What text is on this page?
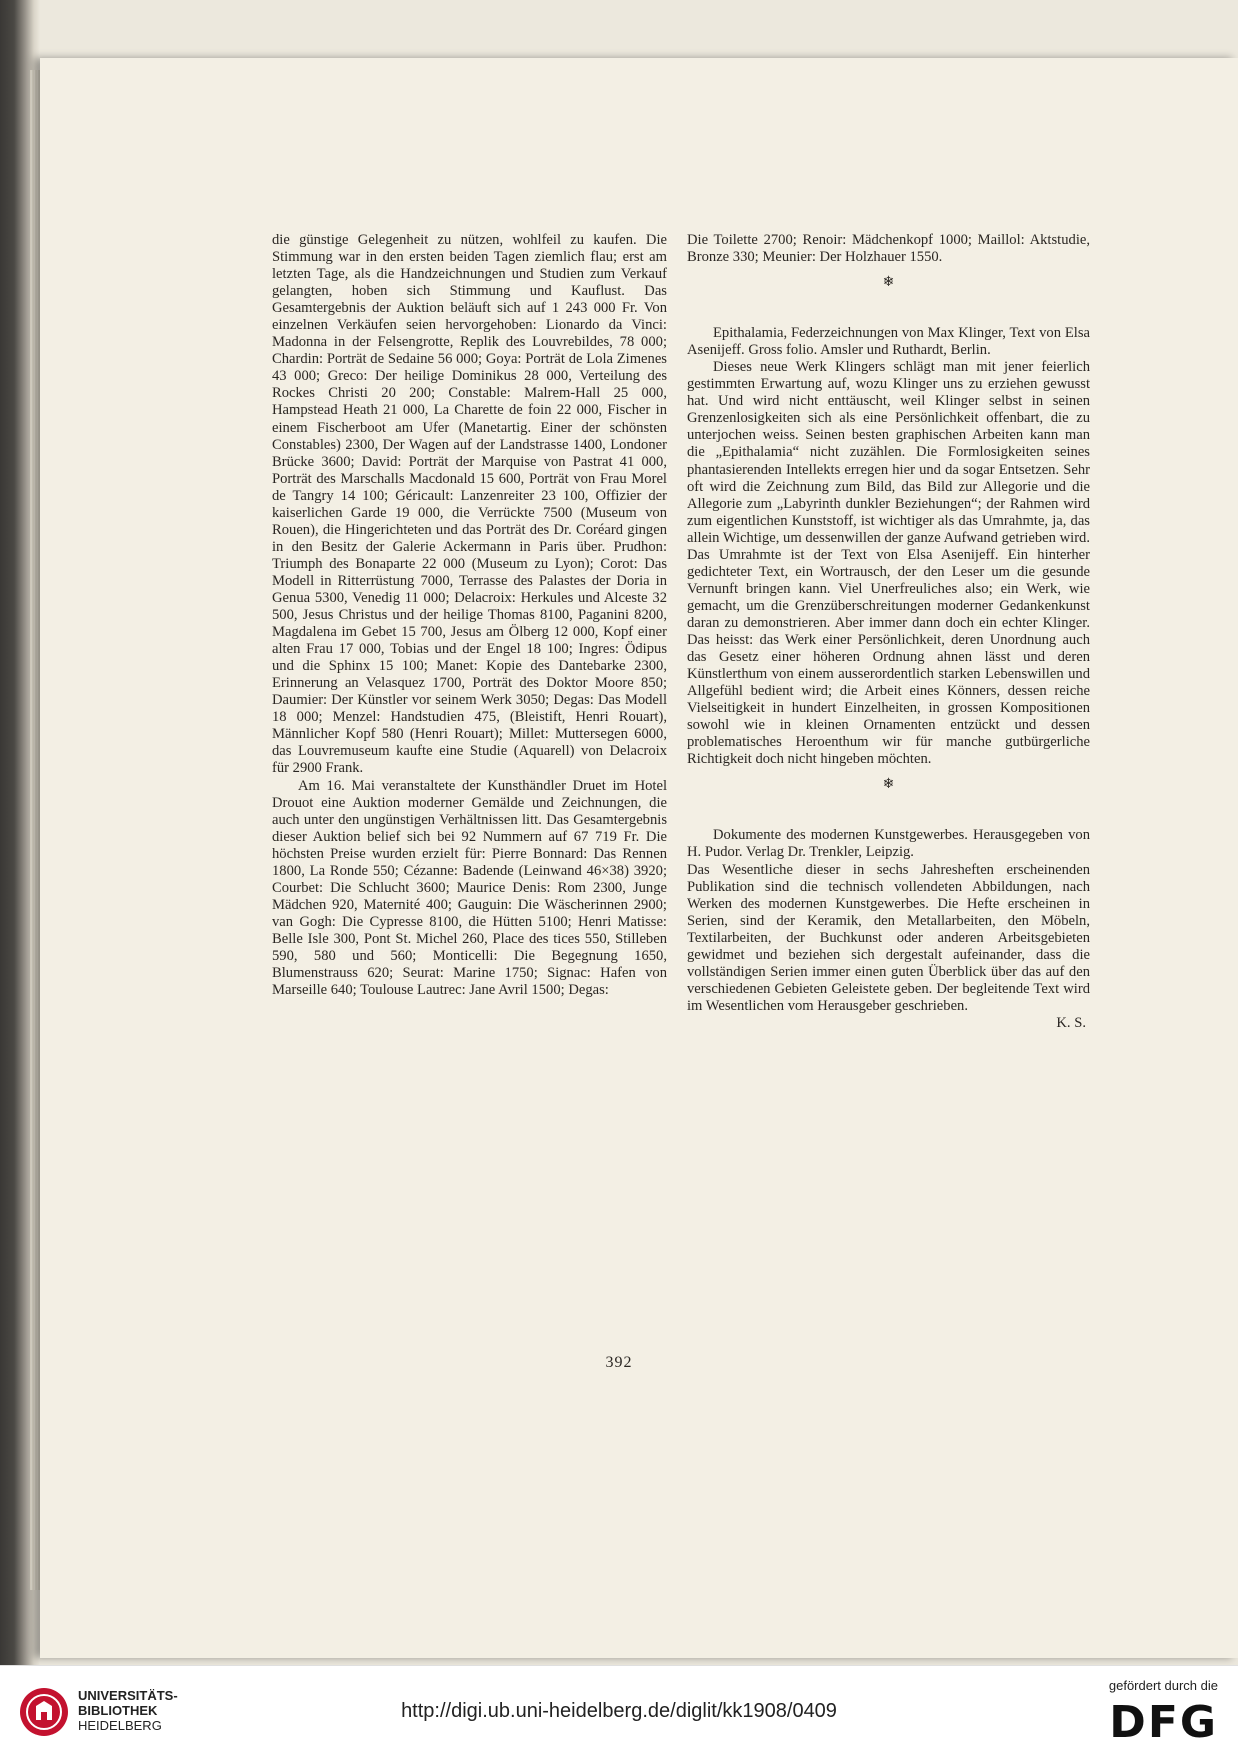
die günstige Gelegenheit zu nützen, wohlfeil zu kaufen. Die Stimmung war in den ersten beiden Tagen ziemlich flau; erst am letzten Tage, als die Handzeichnungen und Studien zum Verkauf gelangten, hoben sich Stimmung und Kauflust. Das Gesamtergebnis der Auktion beläuft sich auf 1 243 000 Fr. Von einzelnen Verkäufen seien hervorgehoben: Lionardo da Vinci: Madonna in der Felsengrotte, Replik des Louvrebildes, 78 000; Chardin: Porträt de Sedaine 56 000; Goya: Porträt de Lola Zimenes 43 000; Greco: Der heilige Dominikus 28 000, Verteilung des Rockes Christi 20 200; Constable: Malrem-Hall 25 000, Hampstead Heath 21 000, La Charette de foin 22 000, Fischer in einem Fischerboot am Ufer (Manetartig. Einer der schönsten Constables) 2300, Der Wagen auf der Landstrasse 1400, Londoner Brücke 3600; David: Porträt der Marquise von Pastrat 41 000, Porträt des Marschalls Macdonald 15 600, Porträt von Frau Morel de Tangry 14 100; Géricault: Lanzenreiter 23 100, Offizier der kaiserlichen Garde 19 000, die Verrückte 7500 (Museum von Rouen), die Hingerichteten und das Porträt des Dr. Coréard gingen in den Besitz der Galerie Ackermann in Paris über. Prudhon: Triumph des Bonaparte 22 000 (Museum zu Lyon); Corot: Das Modell in Ritterrüstung 7000, Terrasse des Palastes der Doria in Genua 5300, Venedig 11 000; Delacroix: Herkules und Alceste 32 500, Jesus Christus und der heilige Thomas 8100, Paganini 8200, Magdalena im Gebet 15 700, Jesus am Ölberg 12 000, Kopf einer alten Frau 17 000, Tobias und der Engel 18 100; Ingres: Ödipus und die Sphinx 15 100; Manet: Kopie des Dantebarke 2300, Erinnerung an Velasquez 1700, Porträt des Doktor Moore 850; Daumier: Der Künstler vor seinem Werk 3050; Degas: Das Modell 18 000; Menzel: Handstudien 475, (Bleistift, Henri Rouart), Männlicher Kopf 580 (Henri Rouart); Millet: Muttersegen 6000, das Louvremuseum kaufte eine Studie (Aquarell) von Delacroix für 2900 Frank.

Am 16. Mai veranstaltete der Kunsthändler Druet im Hotel Drouot eine Auktion moderner Gemälde und Zeichnungen, die auch unter den ungünstigen Verhältnissen litt. Das Gesamtergebnis dieser Auktion belief sich bei 92 Nummern auf 67 719 Fr. Die höchsten Preise wurden erzielt für: Pierre Bonnard: Das Rennen 1800, La Ronde 550; Cézanne: Badende (Leinwand 46×38) 3920; Courbet: Die Schlucht 3600; Maurice Denis: Rom 2300, Junge Mädchen 920, Maternité 400; Gauguin: Die Wäscherinnen 2900; van Gogh: Die Cypresse 8100, die Hütten 5100; Henri Matisse: Belle Isle 300, Pont St. Michel 260, Place des tices 550, Stilleben 590, 580 und 560; Monticelli: Die Begegnung 1650, Blumenstrauss 620; Seurat: Marine 1750; Signac: Hafen von Marseille 640; Toulouse Lautrec: Jane Avril 1500; Degas:

Die Toilette 2700; Renoir: Mädchenkopf 1000; Maillol: Aktstudie, Bronze 330; Meunier: Der Holzhauer 1550.

❄

Epithalamia, Federzeichnungen von Max Klinger, Text von Elsa Asenijeff. Gross folio. Amsler und Ruthardt, Berlin.

Dieses neue Werk Klingers schlägt man mit jener feierlich gestimmten Erwartung auf, wozu Klinger uns zu erziehen gewusst hat. Und wird nicht enttäuscht, weil Klinger selbst in seinen Grenzenlosigkeiten sich als eine Persönlichkeit offenbart, die zu unterjochen weiss. Seinen besten graphischen Arbeiten kann man die „Epithalamia“ nicht zuzählen. Die Formlosigkeiten seines phantasierenden Intellekts erregen hier und da sogar Entsetzen. Sehr oft wird die Zeichnung zum Bild, das Bild zur Allegorie und die Allegorie zum „Labyrinth dunkler Beziehungen“; der Rahmen wird zum eigentlichen Kunststoff, ist wichtiger als das Umrahmte, ja, das allein Wichtige, um dessenwillen der ganze Aufwand getrieben wird. Das Umrahmte ist der Text von Elsa Asenijeff. Ein hinterher gedichteter Text, ein Wortrausch, der den Leser um die gesunde Vernunft bringen kann. Viel Unerfreuliches also; ein Werk, wie gemacht, um die Grenzüberschreitungen moderner Gedankenkunst daran zu demonstrieren. Aber immer dann doch ein echter Klinger. Das heisst: das Werk einer Persönlichkeit, deren Unordnung auch das Gesetz einer höheren Ordnung ahnen lässt und deren Künstlerthum von einem ausserordentlich starken Lebenswillen und Allgefühl bedient wird; die Arbeit eines Könners, dessen reiche Vielseitigkeit in hundert Einzelheiten, in grossen Kompositionen sowohl wie in kleinen Ornamenten entzückt und dessen problematisches Heroenthum wir für manche gutbürgerliche Richtigkeit doch nicht hingeben möchten.

❄

Dokumente des modernen Kunstgewerbes. Herausgegeben von H. Pudor. Verlag Dr. Trenkler, Leipzig.

Das Wesentliche dieser in sechs Jahresheften erscheinenden Publikation sind die technisch vollendeten Abbildungen, nach Werken des modernen Kunstgewerbes. Die Hefte erscheinen in Serien, sind der Keramik, den Metallarbeiten, den Möbeln, Textilarbeiten, der Buchkunst oder anderen Arbeitsgebieten gewidmet und beziehen sich dergestalt aufeinander, dass die vollständigen Serien immer einen guten Überblick über das auf den verschiedenen Gebieten Geleistete geben. Der begleitende Text wird im Wesentlichen vom Herausgeber geschrieben.

K. S.

392
UNIVERSITÄTS-
BIBLIOTHEK
HEIDELBERG
http://digi.ub.uni-heidelberg.de/diglit/kk1908/0409
gefördert durch die
DFG
